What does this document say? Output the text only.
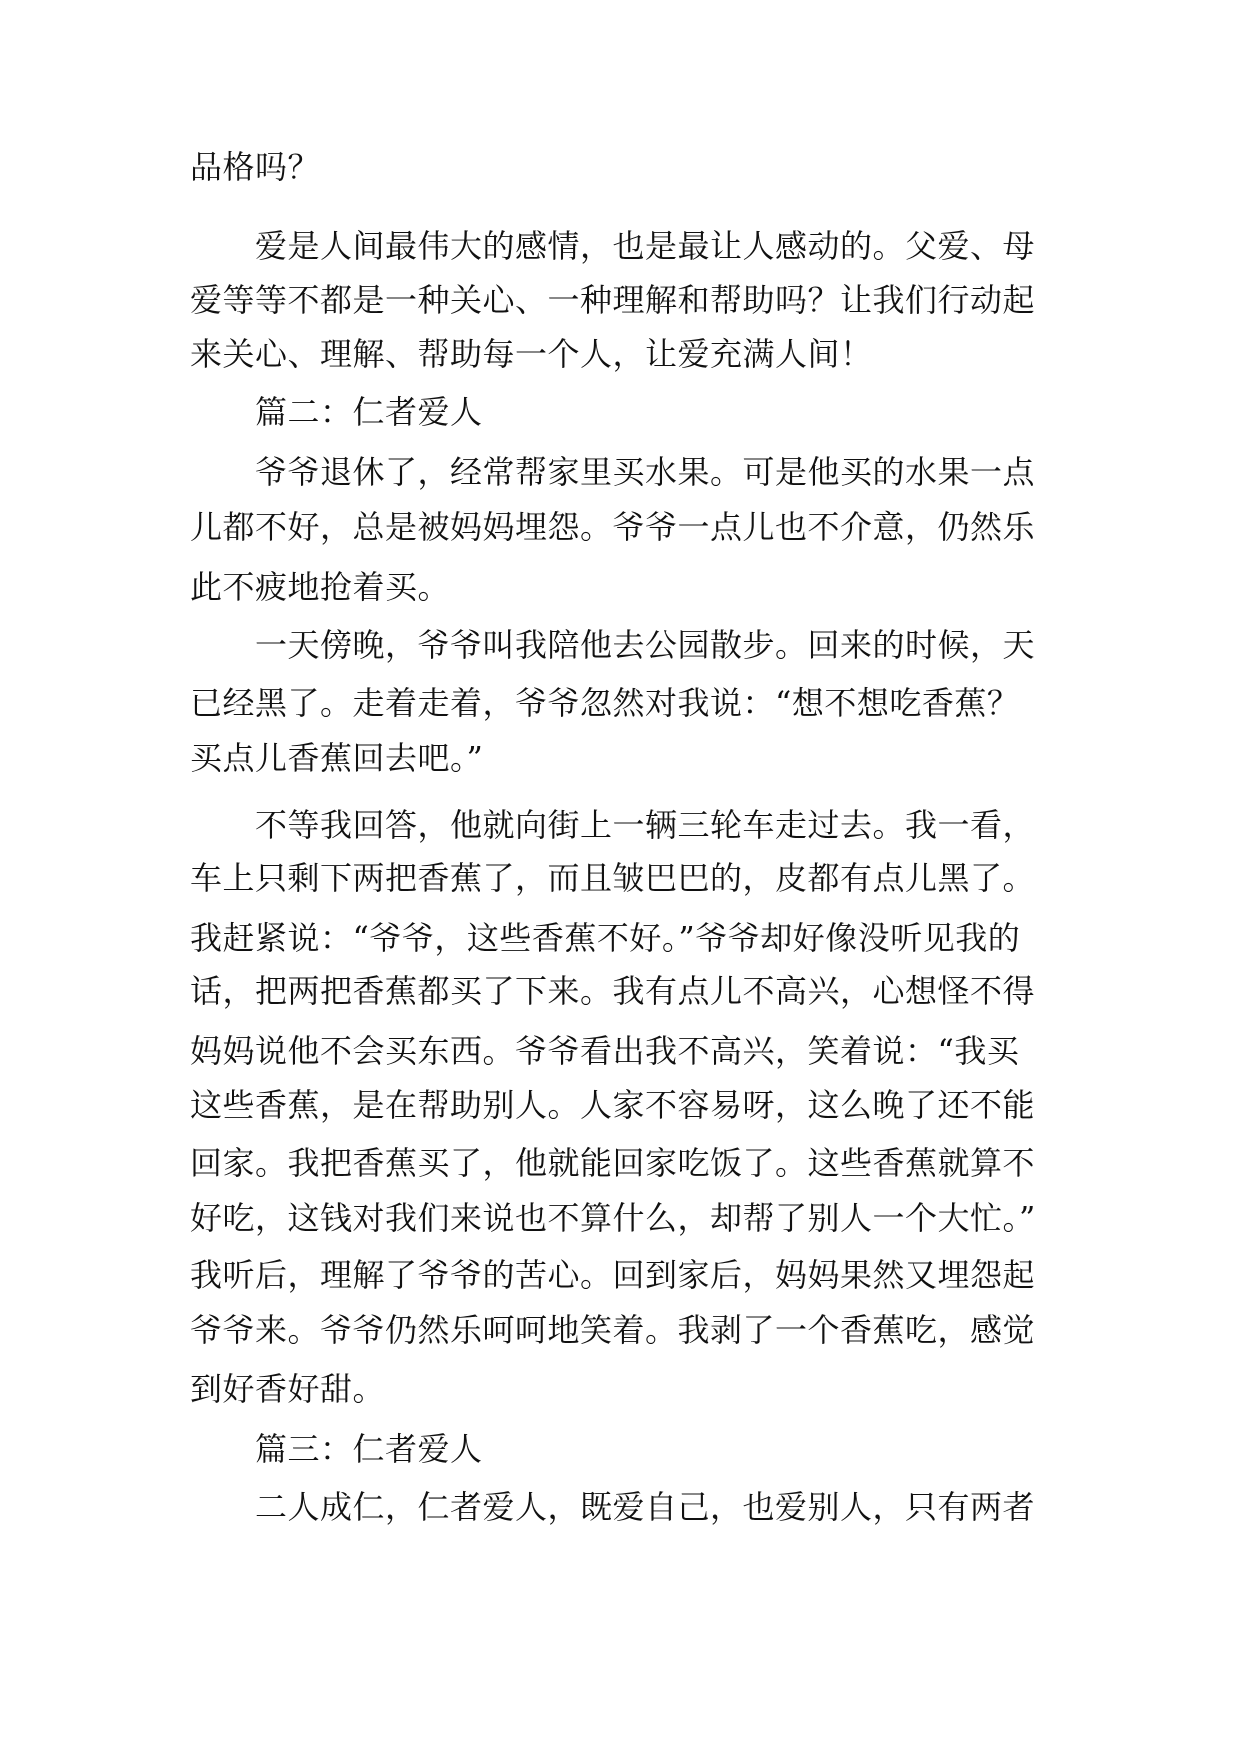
品格吗？
爱是人间最伟大的感情，也是最让人感动的。父爱、母
爱等等不都是一种关心、一种理解和帮助吗？让我们行动起
来关心、理解、帮助每一个人，让爱充满人间！
篇二：仁者爱人
爷爷退休了，经常帮家里买水果。可是他买的水果一点
儿都不好，总是被妈妈埋怨。爷爷一点儿也不介意，仍然乐
此不疲地抢着买。
一天傍晚，爷爷叫我陪他去公园散步。回来的时候，天
已经黑了。走着走着，爷爷忽然对我说：“想不想吃香蕉？
买点儿香蕉回去吧。”
不等我回答，他就向街上一辆三轮车走过去。我一看，
车上只剩下两把香蕉了，而且皱巴巴的，皮都有点儿黑了。
我赶紧说：“爷爷，这些香蕉不好。”爷爷却好像没听见我的
话，把两把香蕉都买了下来。我有点儿不高兴，心想怪不得
妈妈说他不会买东西。爷爷看出我不高兴，笑着说：“我买
这些香蕉，是在帮助别人。人家不容易呀，这么晚了还不能
回家。我把香蕉买了，他就能回家吃饭了。这些香蕉就算不
好吃，这钱对我们来说也不算什么，却帮了别人一个大忙。”
我听后，理解了爷爷的苦心。回到家后，妈妈果然又埋怨起
爷爷来。爷爷仍然乐呵呵地笑着。我剥了一个香蕉吃，感觉
到好香好甜。
篇三：仁者爱人
二人成仁，仁者爱人，既爱自己，也爱别人，只有两者
